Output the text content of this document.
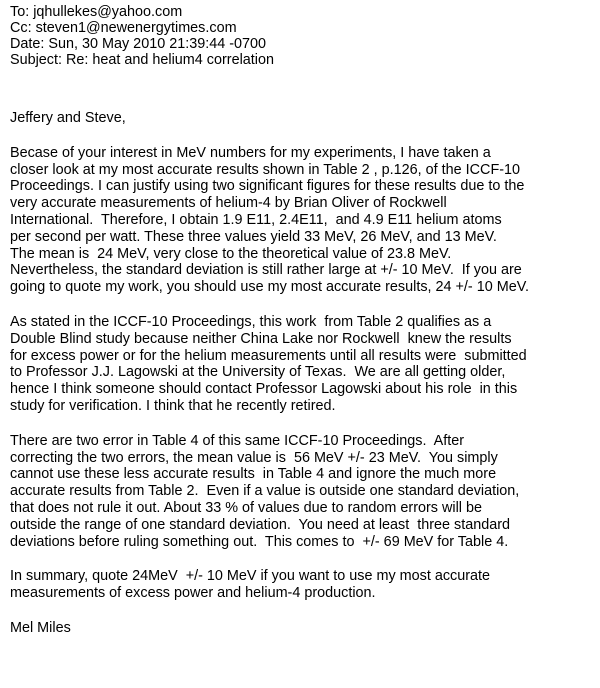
To: jqhullekes@yahoo.com
Cc: steven1@newenergytimes.com
Date: Sun, 30 May 2010 21:39:44 -0700
Subject: Re: heat and helium4 correlation
Jeffery and Steve,
Becase of your interest in MeV numbers for my experiments, I have taken a
closer look at my most accurate results shown in Table 2 , p.126, of the ICCF-10
Proceedings. I can justify using two significant figures for these results due to the
very accurate measurements of helium-4 by Brian Oliver of Rockwell
International.  Therefore, I obtain 1.9 E11, 2.4E11,  and 4.9 E11 helium atoms
per second per watt. These three values yield 33 MeV, 26 MeV, and 13 MeV.
The mean is  24 MeV, very close to the theoretical value of 23.8 MeV.
Nevertheless, the standard deviation is still rather large at +/- 10 MeV.  If you are
going to quote my work, you should use my most accurate results, 24 +/- 10 MeV.
As stated in the ICCF-10 Proceedings, this work  from Table 2 qualifies as a
Double Blind study because neither China Lake nor Rockwell  knew the results
for excess power or for the helium measurements until all results were  submitted
to Professor J.J. Lagowski at the University of Texas.  We are all getting older,
hence I think someone should contact Professor Lagowski about his role  in this
study for verification. I think that he recently retired.
There are two error in Table 4 of this same ICCF-10 Proceedings.  After
correcting the two errors, the mean value is  56 MeV +/- 23 MeV.  You simply
cannot use these less accurate results  in Table 4 and ignore the much more
accurate results from Table 2.  Even if a value is outside one standard deviation,
that does not rule it out. About 33 % of values due to random errors will be
outside the range of one standard deviation.  You need at least  three standard
deviations before ruling something out.  This comes to  +/- 69 MeV for Table 4.
In summary, quote 24MeV  +/- 10 MeV if you want to use my most accurate
measurements of excess power and helium-4 production.
Mel Miles
